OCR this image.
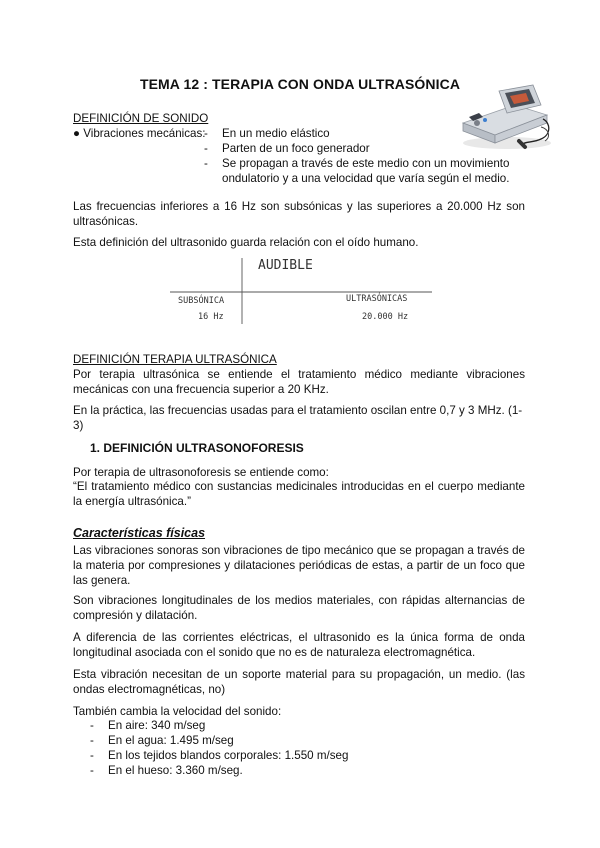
TEMA 12 : TERAPIA CON ONDA ULTRASÓNICA
DEFINICIÓN DE SONIDO
● Vibraciones mecánicas:
-	En un medio elástico
- Parten de un foco generador
- Se propagan a través de este medio con un movimiento ondulatorio y a una velocidad que varía según el medio.

Las frecuencias inferiores a 16 Hz son subsónicas y las superiores a 20.000 Hz son ultrasónicas.

Esta definición del ultrasonido guarda relación con el oído humano.

AUDIBLE
SUBSÓNICA
16 Hz
ULTRASÓNICAS
20.000 Hz
DEFINICIÓN TERAPIA ULTRASÓNICA

Por terapia ultrasónica se entiende el tratamiento médico mediante vibraciones mecánicas con una frecuencia superior a 20 KHz.

En la práctica, las frecuencias usadas para el tratamiento oscilan entre 0,7 y 3 MHz. (1-3)

1. DEFINICIÓN ULTRASONOFORESIS

Por terapia de ultrasonoforesis se entiende como:

“El tratamiento médico con sustancias medicinales introducidas en el cuerpo mediante la energía ultrasónica.”

Características físicas

Las vibraciones sonoras son vibraciones de tipo mecánico que se propagan a través de la materia por compresiones y dilataciones periódicas de estas, a partir de un foco que las genera.

Son vibraciones longitudinales de los medios materiales, con rápidas alternancias de compresión y dilatación.

A diferencia de las corrientes eléctricas, el ultrasonido es la única forma de onda longitudinal asociada con el sonido que no es de naturaleza electromagnética.

Esta vibración necesitan de un soporte material para su propagación, un medio. (las ondas electromagnéticas, no)

También cambia la velocidad del sonido:

- En aire: 340 m/seg
- En el agua: 1.495 m/seg
- En los tejidos blandos corporales: 1.550 m/seg
- En el hueso: 3.360 m/seg.
